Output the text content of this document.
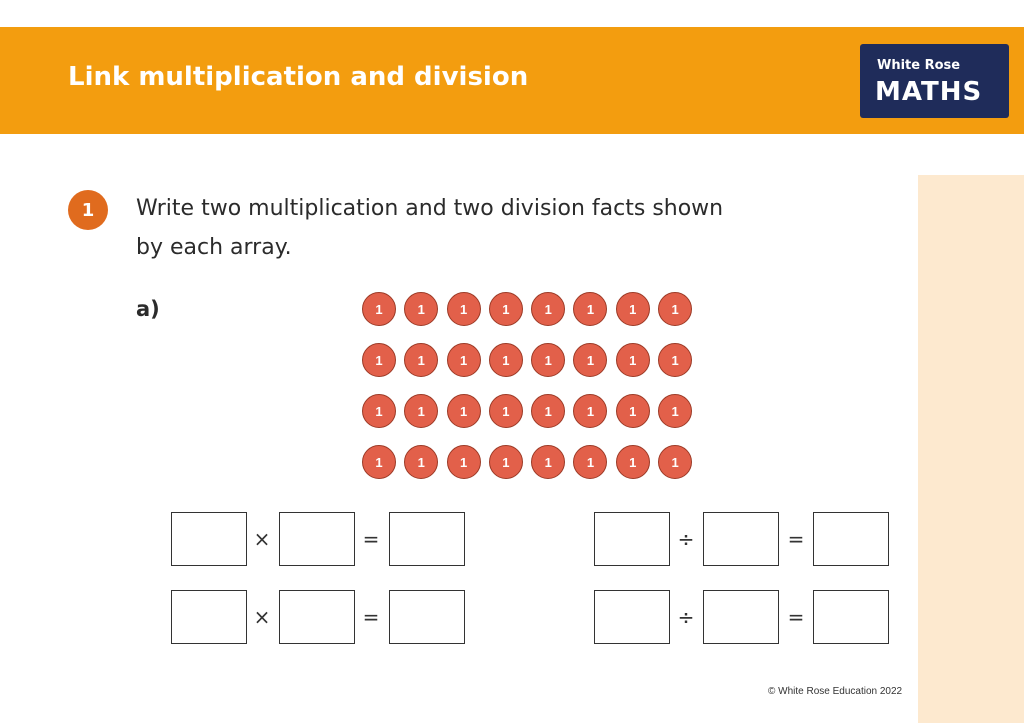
Link multiplication and division	White Rose
MATHS
1	Write two multiplication and two division facts shown
by each array.
a)	1	1	1	1	1	1	1	1
1	1	1	1	1	1	1	1
1	1	1	1	1	1	1	1
1	1	1	1	1	1	1	1
×	=
×	=
÷	=
÷	=
© White Rose Education 2022
